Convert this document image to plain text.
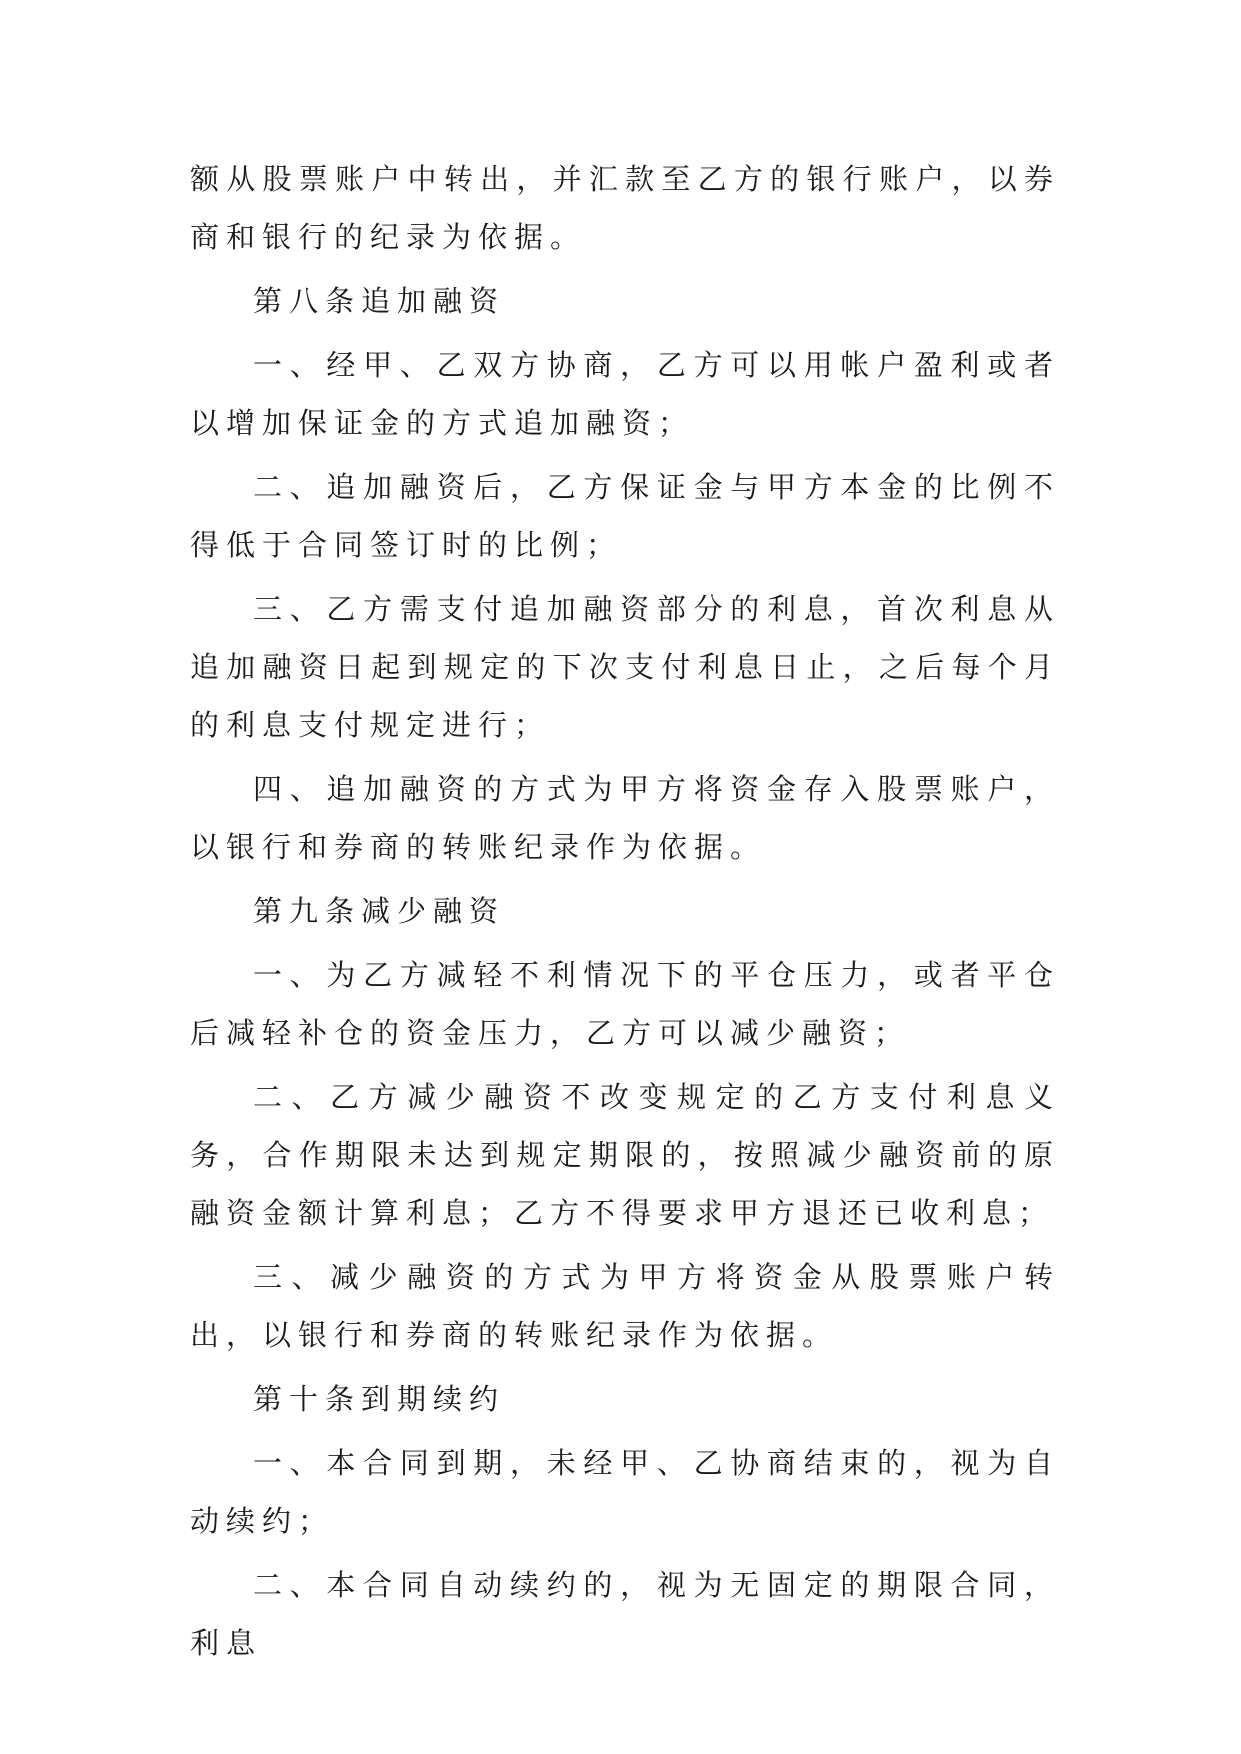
额从股票账户中转出，并汇款至乙方的银行账户，以券商和银行的纪录为依据。

第八条追加融资

一、经甲、乙双方协商，乙方可以用帐户盈利或者以增加保证金的方式追加融资；

二、追加融资后，乙方保证金与甲方本金的比例不得低于合同签订时的比例；

三、乙方需支付追加融资部分的利息，首次利息从追加融资日起到规定的下次支付利息日止，之后每个月的利息支付规定进行；

四、追加融资的方式为甲方将资金存入股票账户，以银行和券商的转账纪录作为依据。

第九条减少融资

一、为乙方减轻不利情况下的平仓压力，或者平仓后减轻补仓的资金压力，乙方可以减少融资；

二、乙方减少融资不改变规定的乙方支付利息义务，合作期限未达到规定期限的，按照减少融资前的原融资金额计算利息；乙方不得要求甲方退还已收利息；

三、减少融资的方式为甲方将资金从股票账户转出，以银行和券商的转账纪录作为依据。

第十条到期续约

一、本合同到期，未经甲、乙协商结束的，视为自动续约；

二、本合同自动续约的，视为无固定的期限合同，利息
